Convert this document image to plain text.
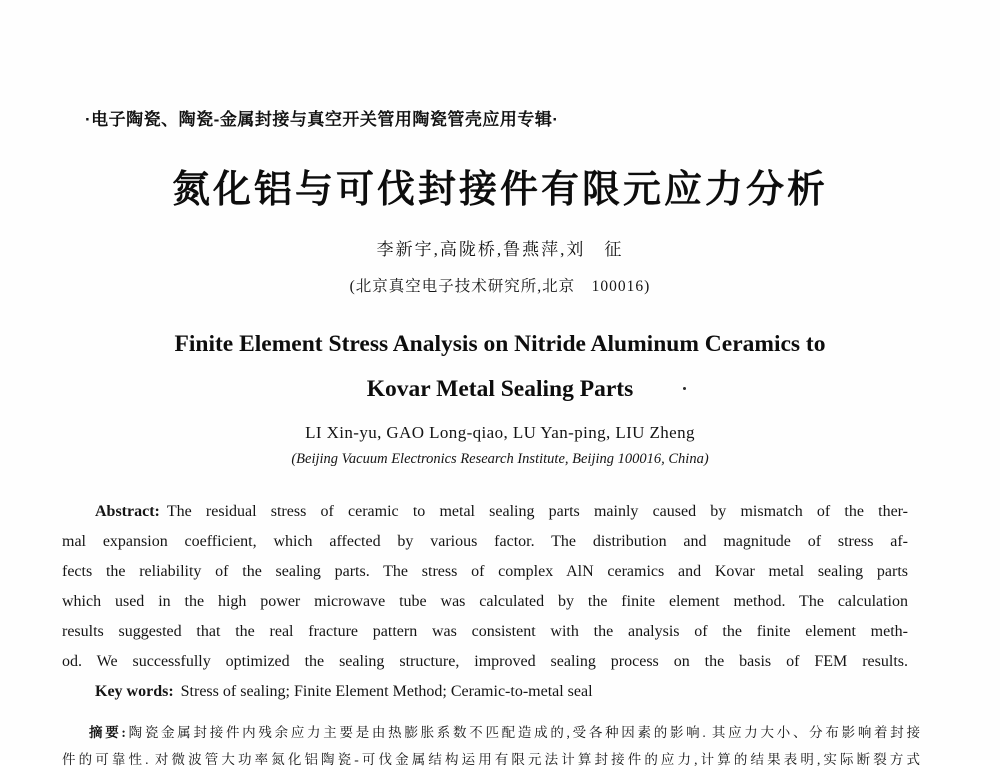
·电子陶瓷、陶瓷-金属封接与真空开关管用陶瓷管壳应用专辑·
氮化铝与可伐封接件有限元应力分析
李新宇,高陇桥,鲁燕萍,刘　征
(北京真空电子技术研究所,北京　100016)
Finite Element Stress Analysis on Nitride Aluminum Ceramics to
Kovar Metal Sealing Parts
LI Xin-yu, GAO Long-qiao, LU Yan-ping, LIU Zheng
(Beijing Vacuum Electronics Research Institute, Beijing 100016, China)
Abstract: The residual stress of ceramic to metal sealing parts mainly caused by mismatch of the ther-
mal expansion coefficient, which affected by various factor. The distribution and magnitude of stress af-
fects the reliability of the sealing parts. The stress of complex AlN ceramics and Kovar metal sealing parts
which used in the high power microwave tube was calculated by the finite element method. The calculation
results suggested that the real fracture pattern was consistent with the analysis of the finite element meth-
od. We successfully optimized the sealing structure, improved sealing process on the basis of FEM results.
Key words: Stress of sealing; Finite Element Method; Ceramic-to-metal seal
摘要:陶瓷金属封接件内残余应力主要是由热膨胀系数不匹配造成的,受各种因素的影响. 其应力大小、分布影响着封接
件的可靠性. 对微波管大功率氮化铝陶瓷-可伐金属结构运用有限元法计算封接件的应力,计算的结果表明,实际断裂方式
